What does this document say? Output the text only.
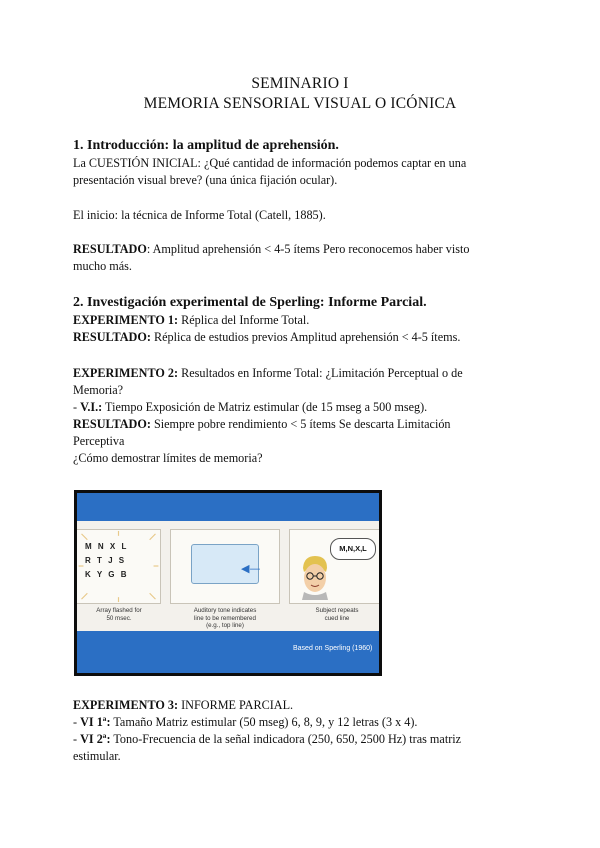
SEMINARIO I
MEMORIA SENSORIAL VISUAL O ICÓNICA
1. Introducción: la amplitud de aprehensión.
La CUESTIÓN INICIAL: ¿Qué cantidad de información podemos captar en una
presentación visual breve? (una única fijación ocular).
El inicio: la técnica de Informe Total (Catell, 1885).
RESULTADO: Amplitud aprehensión < 4-5 ítems Pero reconocemos haber visto
mucho más.
2. Investigación experimental de Sperling: Informe Parcial.
EXPERIMENTO 1: Réplica del Informe Total.
RESULTADO: Réplica de estudios previos Amplitud aprehensión < 4-5 ítems.
EXPERIMENTO 2: Resultados en Informe Total: ¿Limitación Perceptual o de
Memoria?
- V.I.: Tiempo Exposición de Matriz estimular (de 15 mseg a 500 mseg).
RESULTADO: Siempre pobre rendimiento < 5 ítems Se descarta Limitación
Perceptiva
¿Cómo demostrar límites de memoria?
M N X L
R T J S
K Y G B	◀—
M,N,X,L
Array flashed for
50 msec.
Auditory tone indicates
line to be remembered
(e.g., top line)
Subject repeats
cued line
Based on Sperling (1960)
EXPERIMENTO 3: INFORME PARCIAL.
- VI 1ª: Tamaño Matriz estimular (50 mseg) 6, 8, 9, y 12 letras (3 x 4).
- VI 2ª: Tono-Frecuencia de la señal indicadora (250, 650, 2500 Hz) tras matriz
estimular.
